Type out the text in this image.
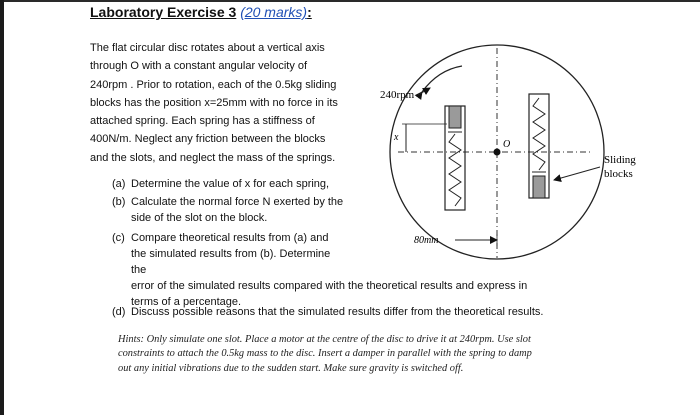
Laboratory Exercise 3 (20 marks):
The flat circular disc rotates about a vertical axis
through O with a constant angular velocity of
240rpm . Prior to rotation, each of the 0.5kg sliding
blocks has the position x=25mm with no force in its
attached spring. Each spring has a stiffness of
400N/m. Neglect any friction between the blocks
and the slots, and neglect the mass of the springs.
(a) Determine the value of x for each spring,
(b) Calculate the normal force N exerted by the
side of the slot on the block.
(c) Compare theoretical results from (a) and
the simulated results from (b). Determine
the
error of the simulated results compared with the theoretical results and express in
terms of a percentage.
(d) Discuss possible reasons that the simulated results differ from the theoretical results.
Hints: Only simulate one slot. Place a motor at the centre of the disc to drive it at 240rpm. Use slot
constraints to attach the 0.5kg mass to the disc. Insert a damper in parallel with the spring to damp
out any initial vibrations due to the sudden start. Make sure gravity is switched off.
240rpm
O
x
80mm
Sliding
blocks
